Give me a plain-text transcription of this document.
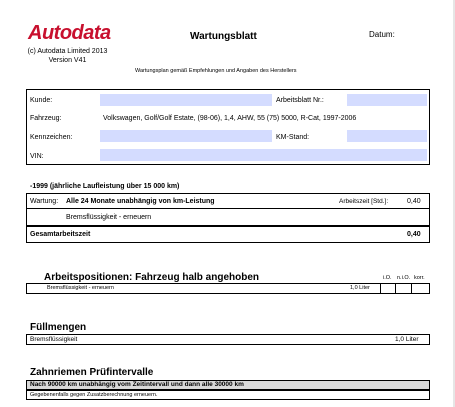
Autodata
(c) Autodata Limited 2013
Version V41
Wartungsblatt	Datum:
Wartungsplan gemäß Empfehlungen und Angaben des Herstellers
Kunde:	Arbeitsblatt Nr.:
Fahrzeug:	Volkswagen, Golf/Golf Estate, (98-06), 1,4, AHW, 55 (75) 5000, R-Cat, 1997-2006
Kennzeichen:	KM-Stand:
VIN:
-1999 (jährliche Laufleistung über 15 000 km)
Wartung: Alle 24 Monate unabhängig von km-Leistung	Arbeitszeit [Std.]:	0,40
Bremsflüssigkeit - erneuern
Gesamtarbeitszeit	0,40
Arbeitspositionen: Fahrzeug halb angehoben	i.O. n.i.O. korr.
Bremsflüssigkeit - erneuern	1,0 Liter
Füllmengen
Bremsflüssigkeit	1,0 Liter
Zahnriemen Prüfintervalle
Nach 90000 km unabhängig vom Zeitintervall und dann alle 30000 km
Gegebenenfalls gegen Zusatzberechnung erneuern.
